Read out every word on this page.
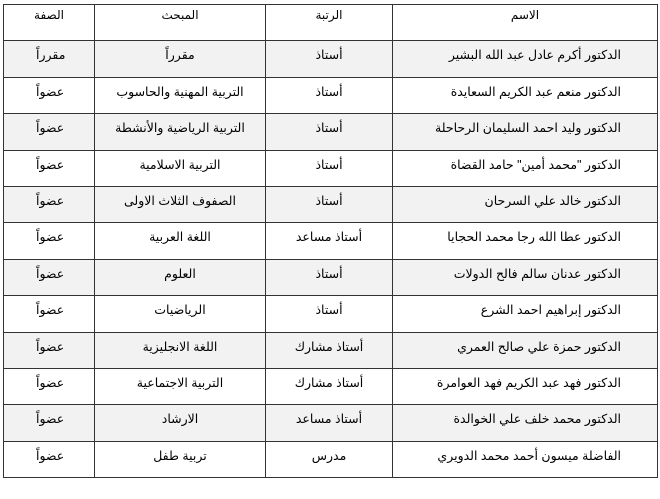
الاسم	الرتبة	المبحث	الصفة
الدكتور أكرم عادل عبد الله البشير	أستاذ	مقرراً	مقرراً
الدكتور منعم عبد الكريم السعايدة	أستاذ	التربية المهنية والحاسوب	عضواً
الدكتور وليد احمد السليمان الرحاحلة	أستاذ	التربية الرياضية والأنشطة	عضواً
الدكتور "محمد أمين" حامد القضاة	أستاذ	التربية الاسلامية	عضواً
الدكتور خالد علي السرحان	أستاذ	الصفوف الثلاث الاولى	عضواً
الدكتور عطا الله رجا محمد الحجايا	أستاذ مساعد	اللغة العربية	عضواً
الدكتور عدنان سالم فالح الدولات	أستاذ	العلوم	عضواً
الدكتور إبراهيم احمد الشرع	أستاذ	الرياضيات	عضواً
الدكتور حمزة علي صالح العمري	أستاذ مشارك	اللغة الانجليزية	عضواً
الدكتور فهد عبد الكريم فهد العوامرة	أستاذ مشارك	التربية الاجتماعية	عضواً
الدكتور محمد خلف علي الخوالدة	أستاذ مساعد	الارشاد	عضواً
الفاضلة ميسون أحمد محمد الدويري	مدرس	تربية طفل	عضواً
